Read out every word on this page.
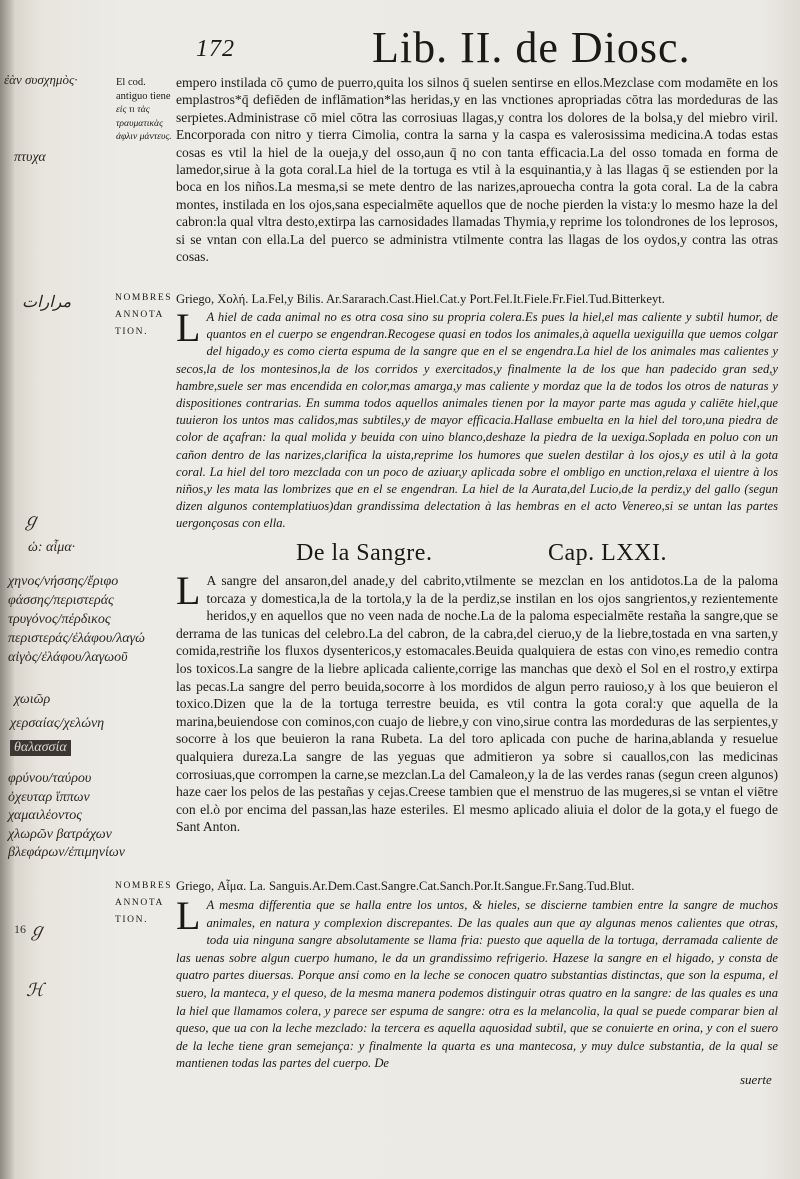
172	Lib. II. de Diosc.
ἐὰν συσχημὸς·	El cod. antiguo tiene
εἰς τι τὰς τραυματικὰς ἀφλιν μάντευς.
πτυχα
مرارات
ℊ
ὡ: αἷμα·
χηνος/νήσσης/ἔριφο
φάσσης/περιστεράς
τρυγόνος/πέρδικος
περιστεράς/ἐλάφου/λαγώ
αἰγὸς/ἐλάφου/λαγωοῦ
χωιῶρ
χερσαίας/χελώνη
θαλασσία
φρύνου/ταύρου
ὀχευταρ ἵππων
χαμαιλέοντος
χλωρῶν βατράχων
βλεφάρων/ἐπιμηνίων
ℊ
ℋ
16

empero instilada cō çumo de puerro,quita los silnos q̄ suelen sentirse en ellos.Mezclase com modamēte en los emplastros*q̄ defiēden de inflāmation*las heridas,y en las vnctiones apropriadas cōtra las mordeduras de las serpietes.Administrase cō miel cōtra las corrosiuas llagas,y contra los dolores de la bolsa,y del miebro viril. Encorporada con nitro y tierra Cimolia, contra la sarna y la caspa es valerosissima medicina.A todas estas cosas es vtil la hiel de la oueja,y del osso,aun q̄ no con tanta efficacia.La del osso tomada en forma de lamedor,sirue à la gota coral.La hiel de la tortuga es vtil à la esquinantia,y à las llagas q̄ se estienden por la boca en los niños.La mesma,si se mete dentro de las narizes,aprouecha contra la gota coral. La de la cabra montes, instilada en los ojos,sana especialmēte aquellos que de noche pierden la vista:y lo mesmo haze la del cabron:la qual vltra desto,extirpa las carnosidades llamadas Thymia,y reprime los tolondrones de los leprosos, si se vntan con ella.La del puerco se administra vtilmente contra las llagas de los oydos,y contra las otras cosas.

NOMBRES
ANNOTA
TION.

Griego, Χολή. La.Fel,y Bilis. Ar.Sararach.Cast.Hiel.Cat.y Port.Fel.It.Fiele.Fr.Fiel.Tud.Bitterkeyt.

L A hiel de cada animal no es otra cosa sino su propria colera.Es pues la hiel,el mas caliente y subtil humor, de quantos en el cuerpo se engendran.Recogese quasi en todos los animales,à aquella uexiguilla que uemos colgar del higado,y es como cierta espuma de la sangre que en el se engendra.La hiel de los animales mas calientes y secos,la de los montesinos,la de los corridos y exercitados,y finalmente la de los que han padecido gran sed,y hambre,suele ser mas encendida en color,mas amarga,y mas caliente y mordaz que la de todos los otros de naturas y dispositiones contrarias. En summa todos aquellos animales tienen por la mayor parte mas aguda y caliēte hiel,que tuuieron los untos mas calidos,mas subtiles,y de mayor efficacia.Hallase embuelta en la hiel del toro,una piedra de color de açafran: la qual molida y beuida con uino blanco,deshaze la piedra de la uexiga.Soplada en poluo con un cañon dentro de las narizes,clarifica la uista,reprime los humores que suelen destilar à los ojos,y es util à la gota coral. La hiel del toro mezclada con un poco de aziuar,y aplicada sobre el ombligo en unction,relaxa el uientre à los niños,y les mata las lombrizes que en el se engendran. La hiel de la Aurata,del Lucio,de la perdiz,y del gallo (segun dizen algunos contemplatiuos)dan grandissima delectation à las hembras en el acto Venereo,si se untan las partes uergonçosas con ella.
De la Sangre.	Cap. LXXI.
L A sangre del ansaron,del anade,y del cabrito,vtilmente se mezclan en los antidotos.La de la paloma torcaza y domestica,la de la tortola,y la de la perdiz,se instilan en los ojos sangrientos,y rezientemente heridos,y en aquellos que no veen nada de noche.La de la paloma especialmēte restaña la sangre,que se derrama de las tunicas del celebro.La del cabron, de la cabra,del cieruo,y de la liebre,tostada en vna sarten,y comida,restriñe los fluxos dysentericos,y estomacales.Beuida qualquiera de estas con vino,es remedio contra los toxicos.La sangre de la liebre aplicada caliente,corrige las manchas que dexò el Sol en el rostro,y extirpa las pecas.La sangre del perro beuida,socorre à los mordidos de algun perro rauioso,y à los que beuieron el toxico.Dizen que la de la tortuga terrestre beuida, es vtil contra la gota coral:y que aquella de la marina,beuiendose con cominos,con cuajo de liebre,y con vino,sirue contra las mordeduras de las serpientes,y socorre à los que beuieron la rana Rubeta. La del toro aplicada con puche de harina,ablanda y resuelue qualquiera dureza.La sangre de las yeguas que admitieron ya sobre si cauallos,con las medicinas corrosiuas,que corrompen la carne,se mezclan.La del Camaleon,y la de las verdes ranas (segun creen algunos) haze caer los pelos de las pestañas y cejas.Creese tambien que el menstruo de las mugeres,si se vntan el viētre con el.ò por encima del passan,las haze esteriles. El mesmo aplicado aliuia el dolor de la gota,y el fuego de Sant Anton.
NOMBRES
ANNOTA
TION.

Griego, Αἷμα. La. Sanguis.Ar.Dem.Cast.Sangre.Cat.Sanch.Por.It.Sangue.Fr.Sang.Tud.Blut.

L A mesma differentia que se halla entre los untos, & hieles, se discierne tambien entre la sangre de muchos animales, en natura y complexion discrepantes. De las quales aun que ay algunas menos calientes que otras, toda uia ninguna sangre absolutamente se llama fria: puesto que aquella de la tortuga, derramada caliente de las uenas sobre algun cuerpo humano, le da un grandissimo refrigerio. Hazese la sangre en el higado, y consta de quatro partes diuersas. Porque ansi como en la leche se conocen quatro substantias distinctas, que son la espuma, el suero, la manteca, y el queso, de la mesma manera podemos distinguir otras quatro en la sangre: de las quales es una la hiel que llamamos colera, y parece ser espuma de sangre: otra es la melancolia, la qual se puede comparar bien al queso, que ua con la leche mezclado: la tercera es aquella aquosidad subtil, que se conuierte en orina, y con el suero de la leche tiene gran semejança: y finalmente la quarta es una mantecosa, y muy dulce substantia, de la qual se mantienen todas las partes del cuerpo. De
suerte
